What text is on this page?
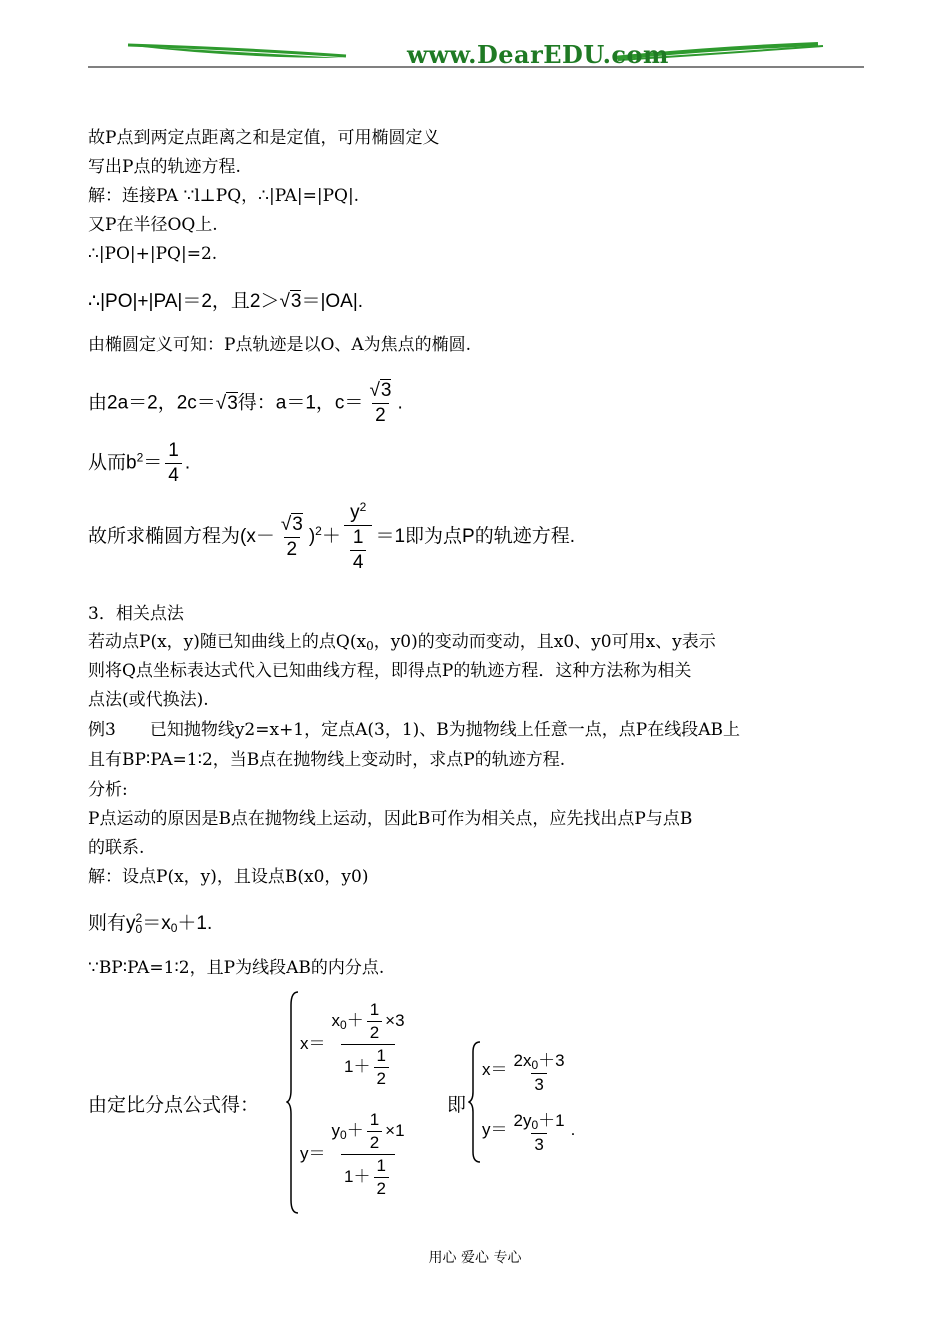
www.DearEDU.com
故P点到两定点距离之和是定值，可用椭圆定义
写出P点的轨迹方程.
解：连接PA ∵l⊥PQ，∴|PA|=|PQ|.
又P在半径OQ上.
∴|PO|+|PQ|=2.
∴|PO|+|PA|＝2，且2＞√3＝|OA|.
由椭圆定义可知：P点轨迹是以O、A为焦点的椭圆.
由2a＝2，2c＝√3得：a＝1，$c= \frac{√3}{2}$ .
从而$b^2= \frac{1}{4}$ .
故所求椭圆方程为$(x- \frac{√3}{2} )^2+ \frac{y^2}{\frac{1}{4}} =1$即为点P的轨迹方程.
3．相关点法
若动点P(x，y)随已知曲线上的点$Q(x_0$，y0)的变动而变动，且x0、y0可用x、y表示
则将Q点坐标表达式代入已知曲线方程，即得点P的轨迹方程．这种方法称为相关
点法(或代换法).
例3　　已知抛物线y2=x+1，定点A(3，1)、B为抛物线上任意一点，点P在线段AB上
且有BP∶PA=1∶2，当B点在抛物线上变动时，求点P的轨迹方程.
分析:
P点运动的原因是B点在抛物线上运动，因此B可作为相关点，应先找出点P与点B
的联系.
解：设点P(x，y)，且设点B(x0，y0)
则有y 2
$0 =x_0+1$.
∵BP∶PA=1∶2，且P为线段AB的内分点.
由定比分点公式得：
$x= \frac{x_0+ \frac{1}{2} \times 3}{1+ \frac{1}{2}}$
$y= \frac{y_0+ \frac{1}{2} \times 1}{1+ \frac{1}{2}}$
即
$x= \frac{2x_0+3}{3}$
$y= \frac{2y_0+1}{3}$ .
用心 爱心 专心
